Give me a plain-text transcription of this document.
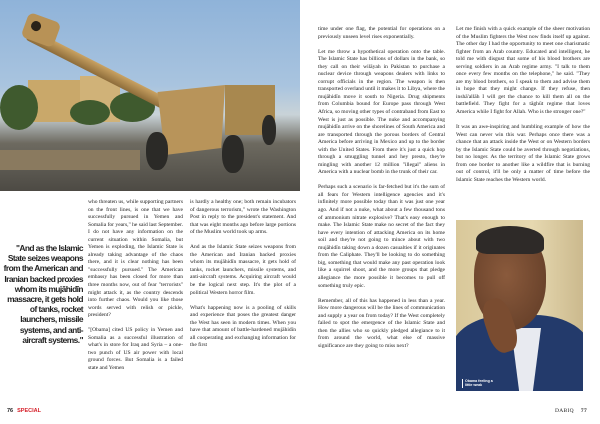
"And as the Islamic State seizes weapons from the American and Iranian backed proxies whom its mujāhidīn massacre, it gets hold of tanks, rocket launchers, missile systems, and anti-aircraft systems."

who threaten us, while supporting partners on the front lines, is one that we have successfully pursued in Yemen and Somalia for years," he said last September. I do not have any information on the current situation within Somalia, but Yemen is exploding, the Islamic State is already taking advantage of the chaos there, and it is clear nothing has been "successfully pursued." The American embassy has been closed for more than three months now, out of fear "terrorists" might attack it, as the country descends into further chaos. Would you like those words served with relish or pickle, president?

"[Obama] cited US policy in Yemen and Somalia as a successful illustration of what's in store for Iraq and Syria – a one-two punch of US air power with local ground forces. But Somalia is a failed state and Yemen

is hardly a healthy one; both remain incubators of dangerous terrorism," wrote the Washington Post in reply to the president's statement. And that was eight months ago before large portions of the Muslim world took up arms.

And as the Islamic State seizes weapons from the American and Iranian backed proxies whom its mujāhidīn massacre, it gets hold of tanks, rocket launchers, missile systems, and anti-aircraft systems. Acquiring aircraft would be the logical next step. It's the plot of a political Western horror film.

What's happening now is a pooling of skills and experience that poses the greatest danger the West has seen in modern times. When you have that amount of battle-hardened mujāhidīn all cooperating and exchanging information for the first

time under one flag, the potential for operations on a previously unseen level rises exponentially.

Let me throw a hypothetical operation onto the table. The Islamic State has billions of dollars in the bank, so they call on their wilāyah in Pakistan to purchase a nuclear device through weapons dealers with links to corrupt officials in the region. The weapon is then transported overland until it makes it to Libya, where the mujāhidīn move it south to Nigeria. Drug shipments from Columbia bound for Europe pass through West Africa, so moving other types of contraband from East to West is just as possible. The nuke and accompanying mujāhidīn arrive on the shorelines of South America and are transported through the porous borders of Central America before arriving in Mexico and up to the border with the United States. From there it's just a quick hop through a smuggling tunnel and hey presto, they're mingling with another 12 million "illegal" aliens in America with a nuclear bomb in the trunk of their car.

Perhaps such a scenario is far-fetched but it's the sum of all fears for Western intelligence agencies and it's infinitely more possible today than it was just one year ago. And if not a nuke, what about a few thousand tons of ammonium nitrate explosive? That's easy enough to make. The Islamic State make no secret of the fact they have every intention of attacking America on its home soil and they're not going to mince about with two mujāhidīn taking down a dozen casualties if it originates from the Caliphate. They'll be looking to do something big, something that would make any past operation look like a squirrel shoot, and the more groups that pledge allegiance the more possible it becomes to pull off something truly epic.

Remember, all of this has happened in less than a year. How more dangerous will be the lines of communication and supply a year on from today? If the West completely failed to spot the emergence of the Islamic State and then the allies who so quickly pledged allegiance to it from around the world, what else of massive significance are they going to miss next?

Let me finish with a quick example of the sheer motivation of the Muslim fighters the West now finds itself up against. The other day I had the opportunity to meet one charismatic fighter from an Arab country. Educated and intelligent, he told me with disgust that some of his blood brothers are serving soldiers in an Arab regime army. "I talk to them once every few months on the telephone," he said. "They are my blood brothers, so I speak to them and advise them in hope that they might change. If they refuse, then inshā'allāh I will get the chance to kill them all on the battlefield. They fight for a tāghūt regime that loves America while I fight for Allah. Who is the stronger one?"

It was an awe-inspiring and humbling example of how the West can never win this war. Perhaps once there was a chance that an attack inside the West or on Western borders by the Islamic State could be averted through negotiations, but no longer. As the territory of the Islamic State grows from one border to another like a wildfire that is burning out of control, it'll be only a matter of time before the Islamic State reaches the Western world.

Obama feeling a little weak
76 SPECIAL	DABIQ 77
